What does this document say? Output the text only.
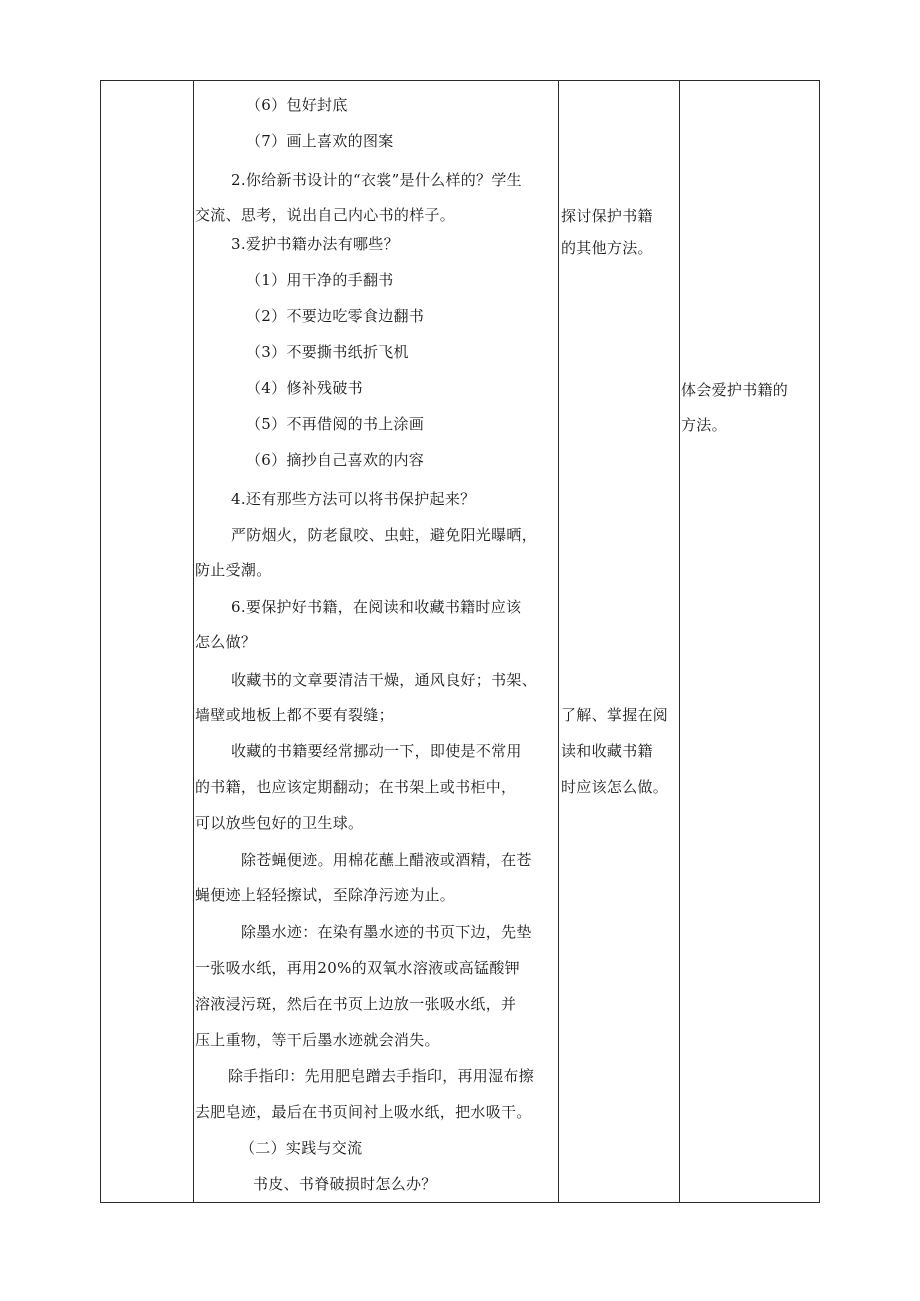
（6）包好封底
（7）画上喜欢的图案
2.你给新书设计的“衣裳”是什么样的？学生
交流、思考，说出自己内心书的样子。
3.爱护书籍办法有哪些？
（1）用干净的手翻书
（2）不要边吃零食边翻书
（3）不要撕书纸折飞机
（4）修补残破书
（5）不再借阅的书上涂画
（6）摘抄自己喜欢的内容
4.还有那些方法可以将书保护起来？
严防烟火，防老鼠咬、虫蛀，避免阳光曝晒，
防止受潮。
6.要保护好书籍，在阅读和收藏书籍时应该
怎么做？
收藏书的文章要清洁干燥，通风良好；书架、
墙壁或地板上都不要有裂缝；
收藏的书籍要经常挪动一下，即使是不常用
的书籍，也应该定期翻动；在书架上或书柜中，
可以放些包好的卫生球。
除苍蝇便迹。用棉花蘸上醋液或酒精，在苍
蝇便迹上轻轻擦试，至除净污迹为止。
除墨水迹：在染有墨水迹的书页下边，先垫
一张吸水纸，再用20%的双氧水溶液或高锰酸钾
溶液浸污斑，然后在书页上边放一张吸水纸，并
压上重物，等干后墨水迹就会消失。
除手指印：先用肥皂蹭去手指印，再用湿布擦
去肥皂迹，最后在书页间衬上吸水纸，把水吸干。
（二）实践与交流
书皮、书脊破损时怎么办？
探讨保护书籍
的其他方法。
了解、掌握在阅
读和收藏书籍
时应该怎么做。
体会爱护书籍的
方法。
